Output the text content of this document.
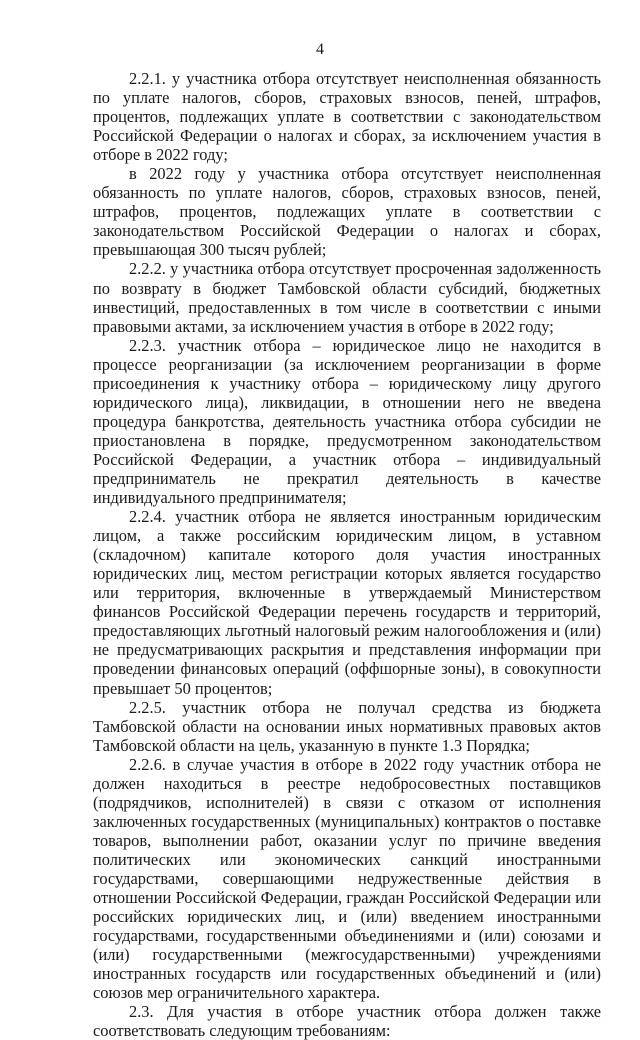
4

2.2.1. у участника отбора отсутствует неисполненная обязанность по уплате налогов, сборов, страховых взносов, пеней, штрафов, процентов, подлежащих уплате в соответствии с законодательством Российской Федерации о налогах и сборах, за исключением участия в отборе в 2022 году;

в 2022 году у участника отбора отсутствует неисполненная обязанность по уплате налогов, сборов, страховых взносов, пеней, штрафов, процентов, подлежащих уплате в соответствии с законодательством Российской Федерации о налогах и сборах, превышающая 300 тысяч рублей;

2.2.2. у участника отбора отсутствует просроченная задолженность по возврату в бюджет Тамбовской области субсидий, бюджетных инвестиций, предоставленных в том числе в соответствии с иными правовыми актами, за исключением участия в отборе в 2022 году;

2.2.3. участник отбора – юридическое лицо не находится в процессе реорганизации (за исключением реорганизации в форме присоединения к участнику отбора – юридическому лицу другого юридического лица), ликвидации, в отношении него не введена процедура банкротства, деятельность участника отбора субсидии не приостановлена в порядке, предусмотренном законодательством Российской Федерации, а участник отбора – индивидуальный предприниматель не прекратил деятельность в качестве индивидуального предпринимателя;

2.2.4. участник отбора не является иностранным юридическим лицом, а также российским юридическим лицом, в уставном (складочном) капитале которого доля участия иностранных юридических лиц, местом регистрации которых является государство или территория, включенные в утверждаемый Министерством финансов Российской Федерации перечень государств и территорий, предоставляющих льготный налоговый режим налогообложения и (или) не предусматривающих раскрытия и представления информации при проведении финансовых операций (оффшорные зоны), в совокупности превышает 50 процентов;

2.2.5. участник отбора не получал средства из бюджета Тамбовской области на основании иных нормативных правовых актов Тамбовской области на цель, указанную в пункте 1.3 Порядка;

2.2.6. в случае участия в отборе в 2022 году участник отбора не должен находиться в реестре недобросовестных поставщиков (подрядчиков, исполнителей) в связи с отказом от исполнения заключенных государственных (муниципальных) контрактов о поставке товаров, выполнении работ, оказании услуг по причине введения политических или экономических санкций иностранными государствами, совершающими недружественные действия в отношении Российской Федерации, граждан Российской Федерации или российских юридических лиц, и (или) введением иностранными государствами, государственными объединениями и (или) союзами и (или) государственными (межгосударственными) учреждениями иностранных государств или государственных объединений и (или) союзов мер ограничительного характера.

2.3. Для участия в отборе участник отбора должен также соответствовать следующим требованиям:
